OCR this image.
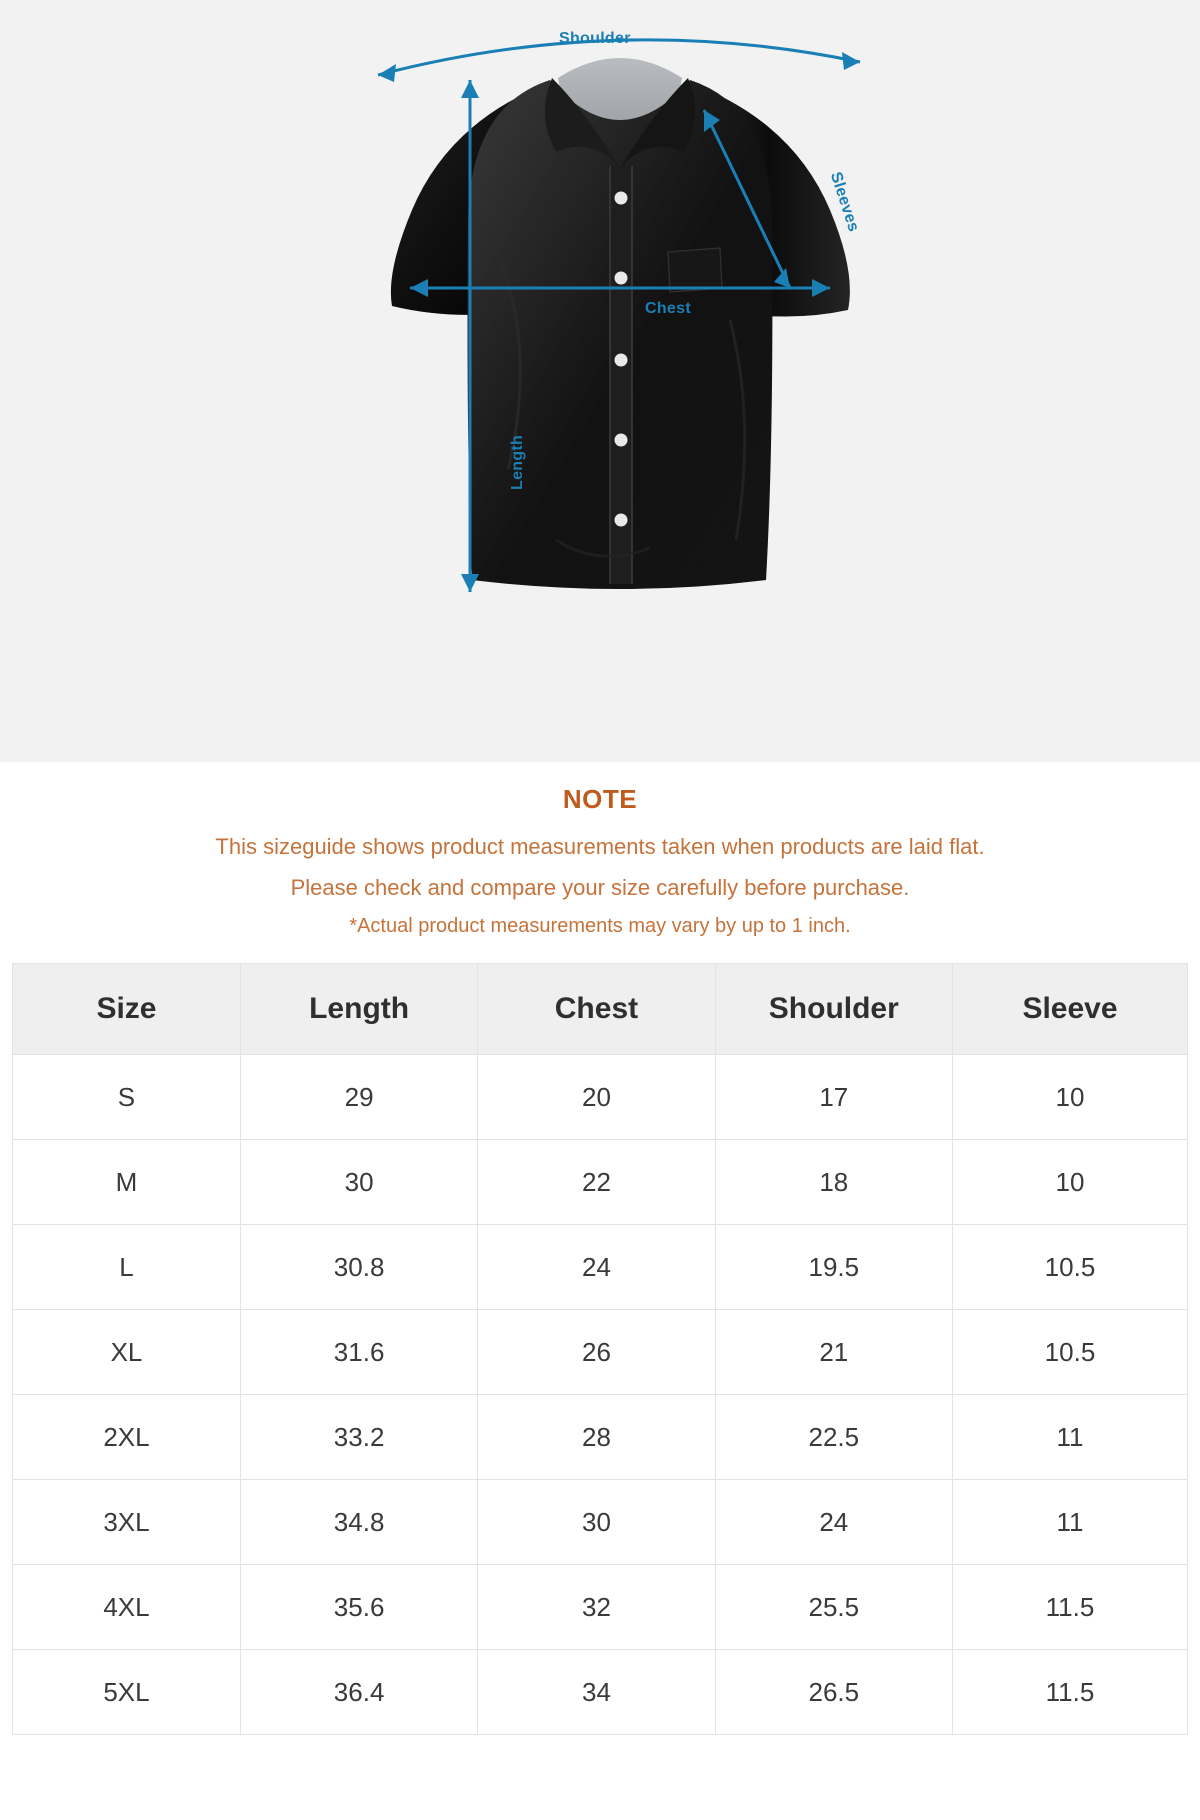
Shoulder
Chest
Sleeves
Length
NOTE
This sizeguide shows product measurements taken when products are laid flat.
Please check and compare your size carefully before purchase.
*Actual product measurements may vary by up to 1 inch.
Size	Length	Chest	Shoulder	Sleeve
S	29	20	17	10
M	30	22	18	10
L	30.8	24	19.5	10.5
XL	31.6	26	21	10.5
2XL	33.2	28	22.5	11
3XL	34.8	30	24	11
4XL	35.6	32	25.5	11.5
5XL	36.4	34	26.5	11.5
